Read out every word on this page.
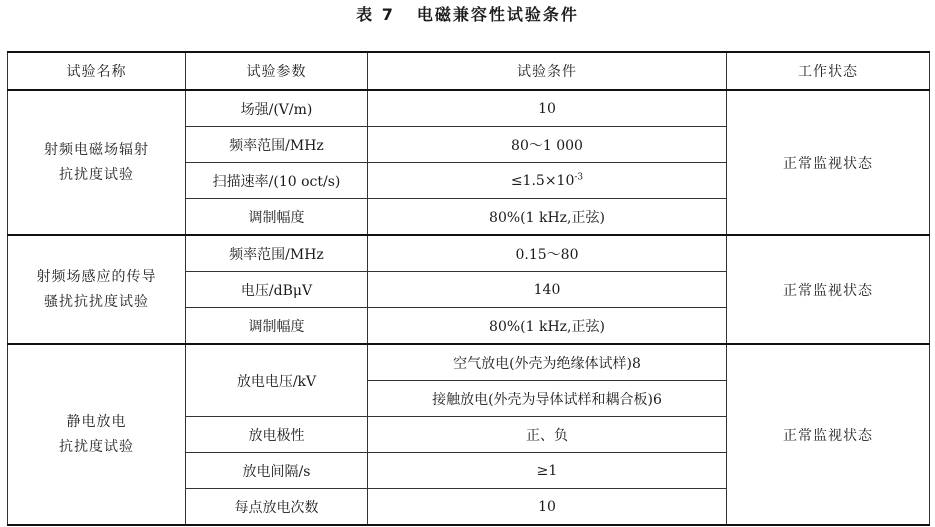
表 7 电磁兼容性试验条件
试验名称	试验参数	试验条件	工作状态

射频电磁场辐射
抗扰度试验	场强/(V/m)	10	正常监视状态
	频率范围/MHz	80～1 000	
	扫描速率/(10 oct/s)	$\le 1.5\times 10^{-3}$
	调制幅度	80%(1 kHz,正弦)	

射频场感应的传导
骚扰抗扰度试验	频率范围/MHz	0.15～80	正常监视状态
	电压/dBμV	140	
	调制幅度	80%(1 kHz,正弦)	

静电放电
抗扰度试验	放电电压/kV	空气放电(外壳为绝缘体试样)8	正常监视状态
		接触放电(外壳为导体试样和耦合板)6	
	放电极性	正、负	
	放电间隔/s	≥1	
	每点放电次数	10	
